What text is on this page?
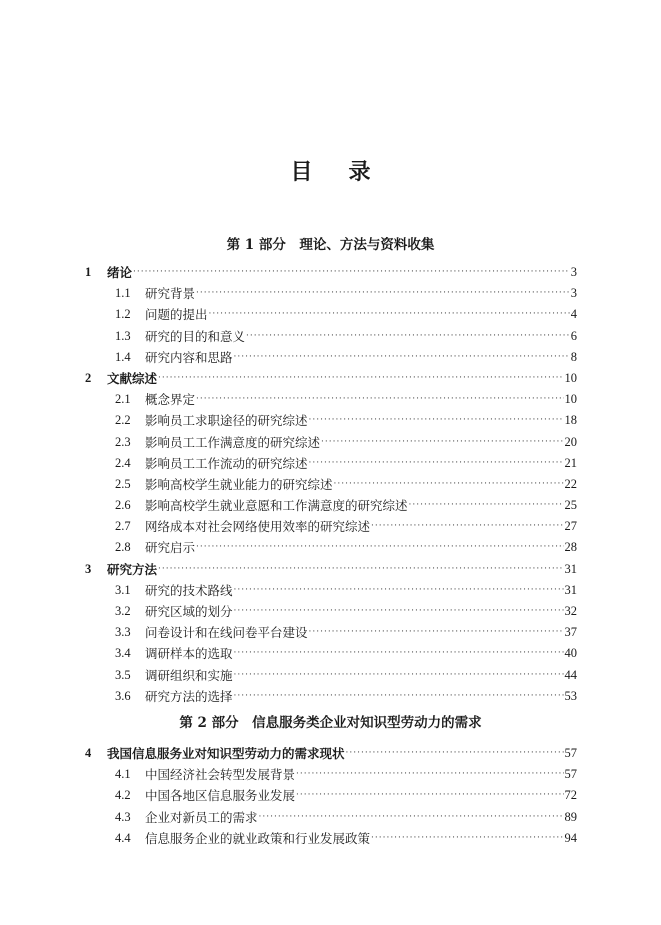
目录
第 1 部分　理论、方法与资料收集
1	绪论 ·····	3
1.1	研究背景 ·····	3
1.2	问题的提出 ·····	4
1.3	研究的目的和意义 ·····	6
1.4	研究内容和思路 ·····	8
2	文献综述 ·····	10
2.1	概念界定 ·····	10
2.2	影响员工求职途径的研究综述 ·····	18
2.3	影响员工工作满意度的研究综述 ·····	20
2.4	影响员工工作流动的研究综述 ·····	21
2.5	影响高校学生就业能力的研究综述 ·····	22
2.6	影响高校学生就业意愿和工作满意度的研究综述 ·····	25
2.7	网络成本对社会网络使用效率的研究综述 ·····	27
2.8	研究启示 ·····	28
3	研究方法 ·····	31
3.1	研究的技术路线 ·····	31
3.2	研究区域的划分 ·····	32
3.3	问卷设计和在线问卷平台建设 ·····	37
3.4	调研样本的选取 ·····	40
3.5	调研组织和实施 ·····	44
3.6	研究方法的选择 ·····	53
第 2 部分　信息服务类企业对知识型劳动力的需求
4	我国信息服务业对知识型劳动力的需求现状 ·····	57
4.1	中国经济社会转型发展背景 ·····	57
4.2	中国各地区信息服务业发展 ·····	72
4.3	企业对新员工的需求 ·····	89
4.4	信息服务企业的就业政策和行业发展政策 ·····	94
